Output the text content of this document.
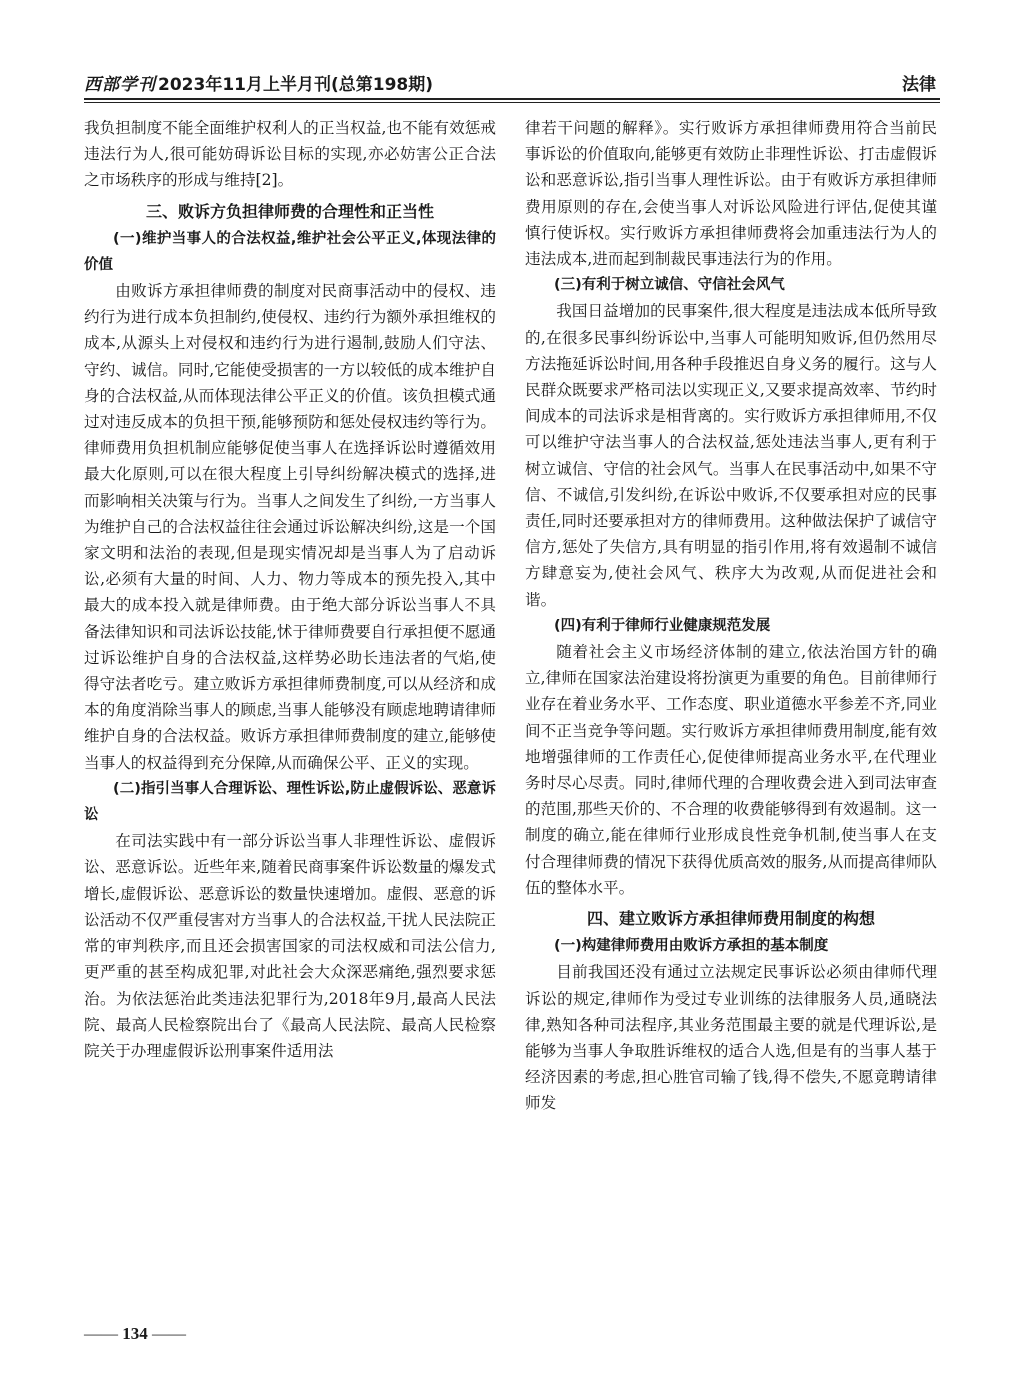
西部学刊 2023年11月上半月刊(总第198期)	法律

我负担制度不能全面维护权利人的正当权益,也不能有效惩戒违法行为人,很可能妨碍诉讼目标的实现,亦必妨害公正合法之市场秩序的形成与维持[2]。

三、败诉方负担律师费的合理性和正当性
(一)维护当事人的合法权益,维护社会公平正义,体现法律的价值

由败诉方承担律师费的制度对民商事活动中的侵权、违约行为进行成本负担制约,使侵权、违约行为额外承担维权的成本,从源头上对侵权和违约行为进行遏制,鼓励人们守法、守约、诚信。同时,它能使受损害的一方以较低的成本维护自身的合法权益,从而体现法律公平正义的价值。该负担模式通过对违反成本的负担干预,能够预防和惩处侵权违约等行为。律师费用负担机制应能够促使当事人在选择诉讼时遵循效用最大化原则,可以在很大程度上引导纠纷解决模式的选择,进而影响相关决策与行为。当事人之间发生了纠纷,一方当事人为维护自己的合法权益往往会通过诉讼解决纠纷,这是一个国家文明和法治的表现,但是现实情况却是当事人为了启动诉讼,必须有大量的时间、人力、物力等成本的预先投入,其中最大的成本投入就是律师费。由于绝大部分诉讼当事人不具备法律知识和司法诉讼技能,怵于律师费要自行承担便不愿通过诉讼维护自身的合法权益,这样势必助长违法者的气焰,使得守法者吃亏。建立败诉方承担律师费制度,可以从经济和成本的角度消除当事人的顾虑,当事人能够没有顾虑地聘请律师维护自身的合法权益。败诉方承担律师费制度的建立,能够使当事人的权益得到充分保障,从而确保公平、正义的实现。

(二)指引当事人合理诉讼、理性诉讼,防止虚假诉讼、恶意诉讼

在司法实践中有一部分诉讼当事人非理性诉讼、虚假诉讼、恶意诉讼。近些年来,随着民商事案件诉讼数量的爆发式增长,虚假诉讼、恶意诉讼的数量快速增加。虚假、恶意的诉讼活动不仅严重侵害对方当事人的合法权益,干扰人民法院正常的审判秩序,而且还会损害国家的司法权威和司法公信力,更严重的甚至构成犯罪,对此社会大众深恶痛绝,强烈要求惩治。为依法惩治此类违法犯罪行为,2018年9月,最高人民法院、最高人民检察院出台了《最高人民法院、最高人民检察院关于办理虚假诉讼刑事案件适用法

律若干问题的解释》。实行败诉方承担律师费用符合当前民事诉讼的价值取向,能够更有效防止非理性诉讼、打击虚假诉讼和恶意诉讼,指引当事人理性诉讼。由于有败诉方承担律师费用原则的存在,会使当事人对诉讼风险进行评估,促使其谨慎行使诉权。实行败诉方承担律师费将会加重违法行为人的违法成本,进而起到制裁民事违法行为的作用。

(三)有利于树立诚信、守信社会风气

我国日益增加的民事案件,很大程度是违法成本低所导致的,在很多民事纠纷诉讼中,当事人可能明知败诉,但仍然用尽方法拖延诉讼时间,用各种手段推迟自身义务的履行。这与人民群众既要求严格司法以实现正义,又要求提高效率、节约时间成本的司法诉求是相背离的。实行败诉方承担律师用,不仅可以维护守法当事人的合法权益,惩处违法当事人,更有利于树立诚信、守信的社会风气。当事人在民事活动中,如果不守信、不诚信,引发纠纷,在诉讼中败诉,不仅要承担对应的民事责任,同时还要承担对方的律师费用。这种做法保护了诚信守信方,惩处了失信方,具有明显的指引作用,将有效遏制不诚信方肆意妄为,使社会风气、秩序大为改观,从而促进社会和谐。

(四)有利于律师行业健康规范发展

随着社会主义市场经济体制的建立,依法治国方针的确立,律师在国家法治建设将扮演更为重要的角色。目前律师行业存在着业务水平、工作态度、职业道德水平参差不齐,同业间不正当竞争等问题。实行败诉方承担律师费用制度,能有效地增强律师的工作责任心,促使律师提高业务水平,在代理业务时尽心尽责。同时,律师代理的合理收费会进入到司法审查的范围,那些天价的、不合理的收费能够得到有效遏制。这一制度的确立,能在律师行业形成良性竞争机制,使当事人在支付合理律师费的情况下获得优质高效的服务,从而提高律师队伍的整体水平。

四、建立败诉方承担律师费用制度的构想
(一)构建律师费用由败诉方承担的基本制度

目前我国还没有通过立法规定民事诉讼必须由律师代理诉讼的规定,律师作为受过专业训练的法律服务人员,通晓法律,熟知各种司法程序,其业务范围最主要的就是代理诉讼,是能够为当事人争取胜诉维权的适合人选,但是有的当事人基于经济因素的考虑,担心胜官司输了钱,得不偿失,不愿竟聘请律师发

—— 134 ——
